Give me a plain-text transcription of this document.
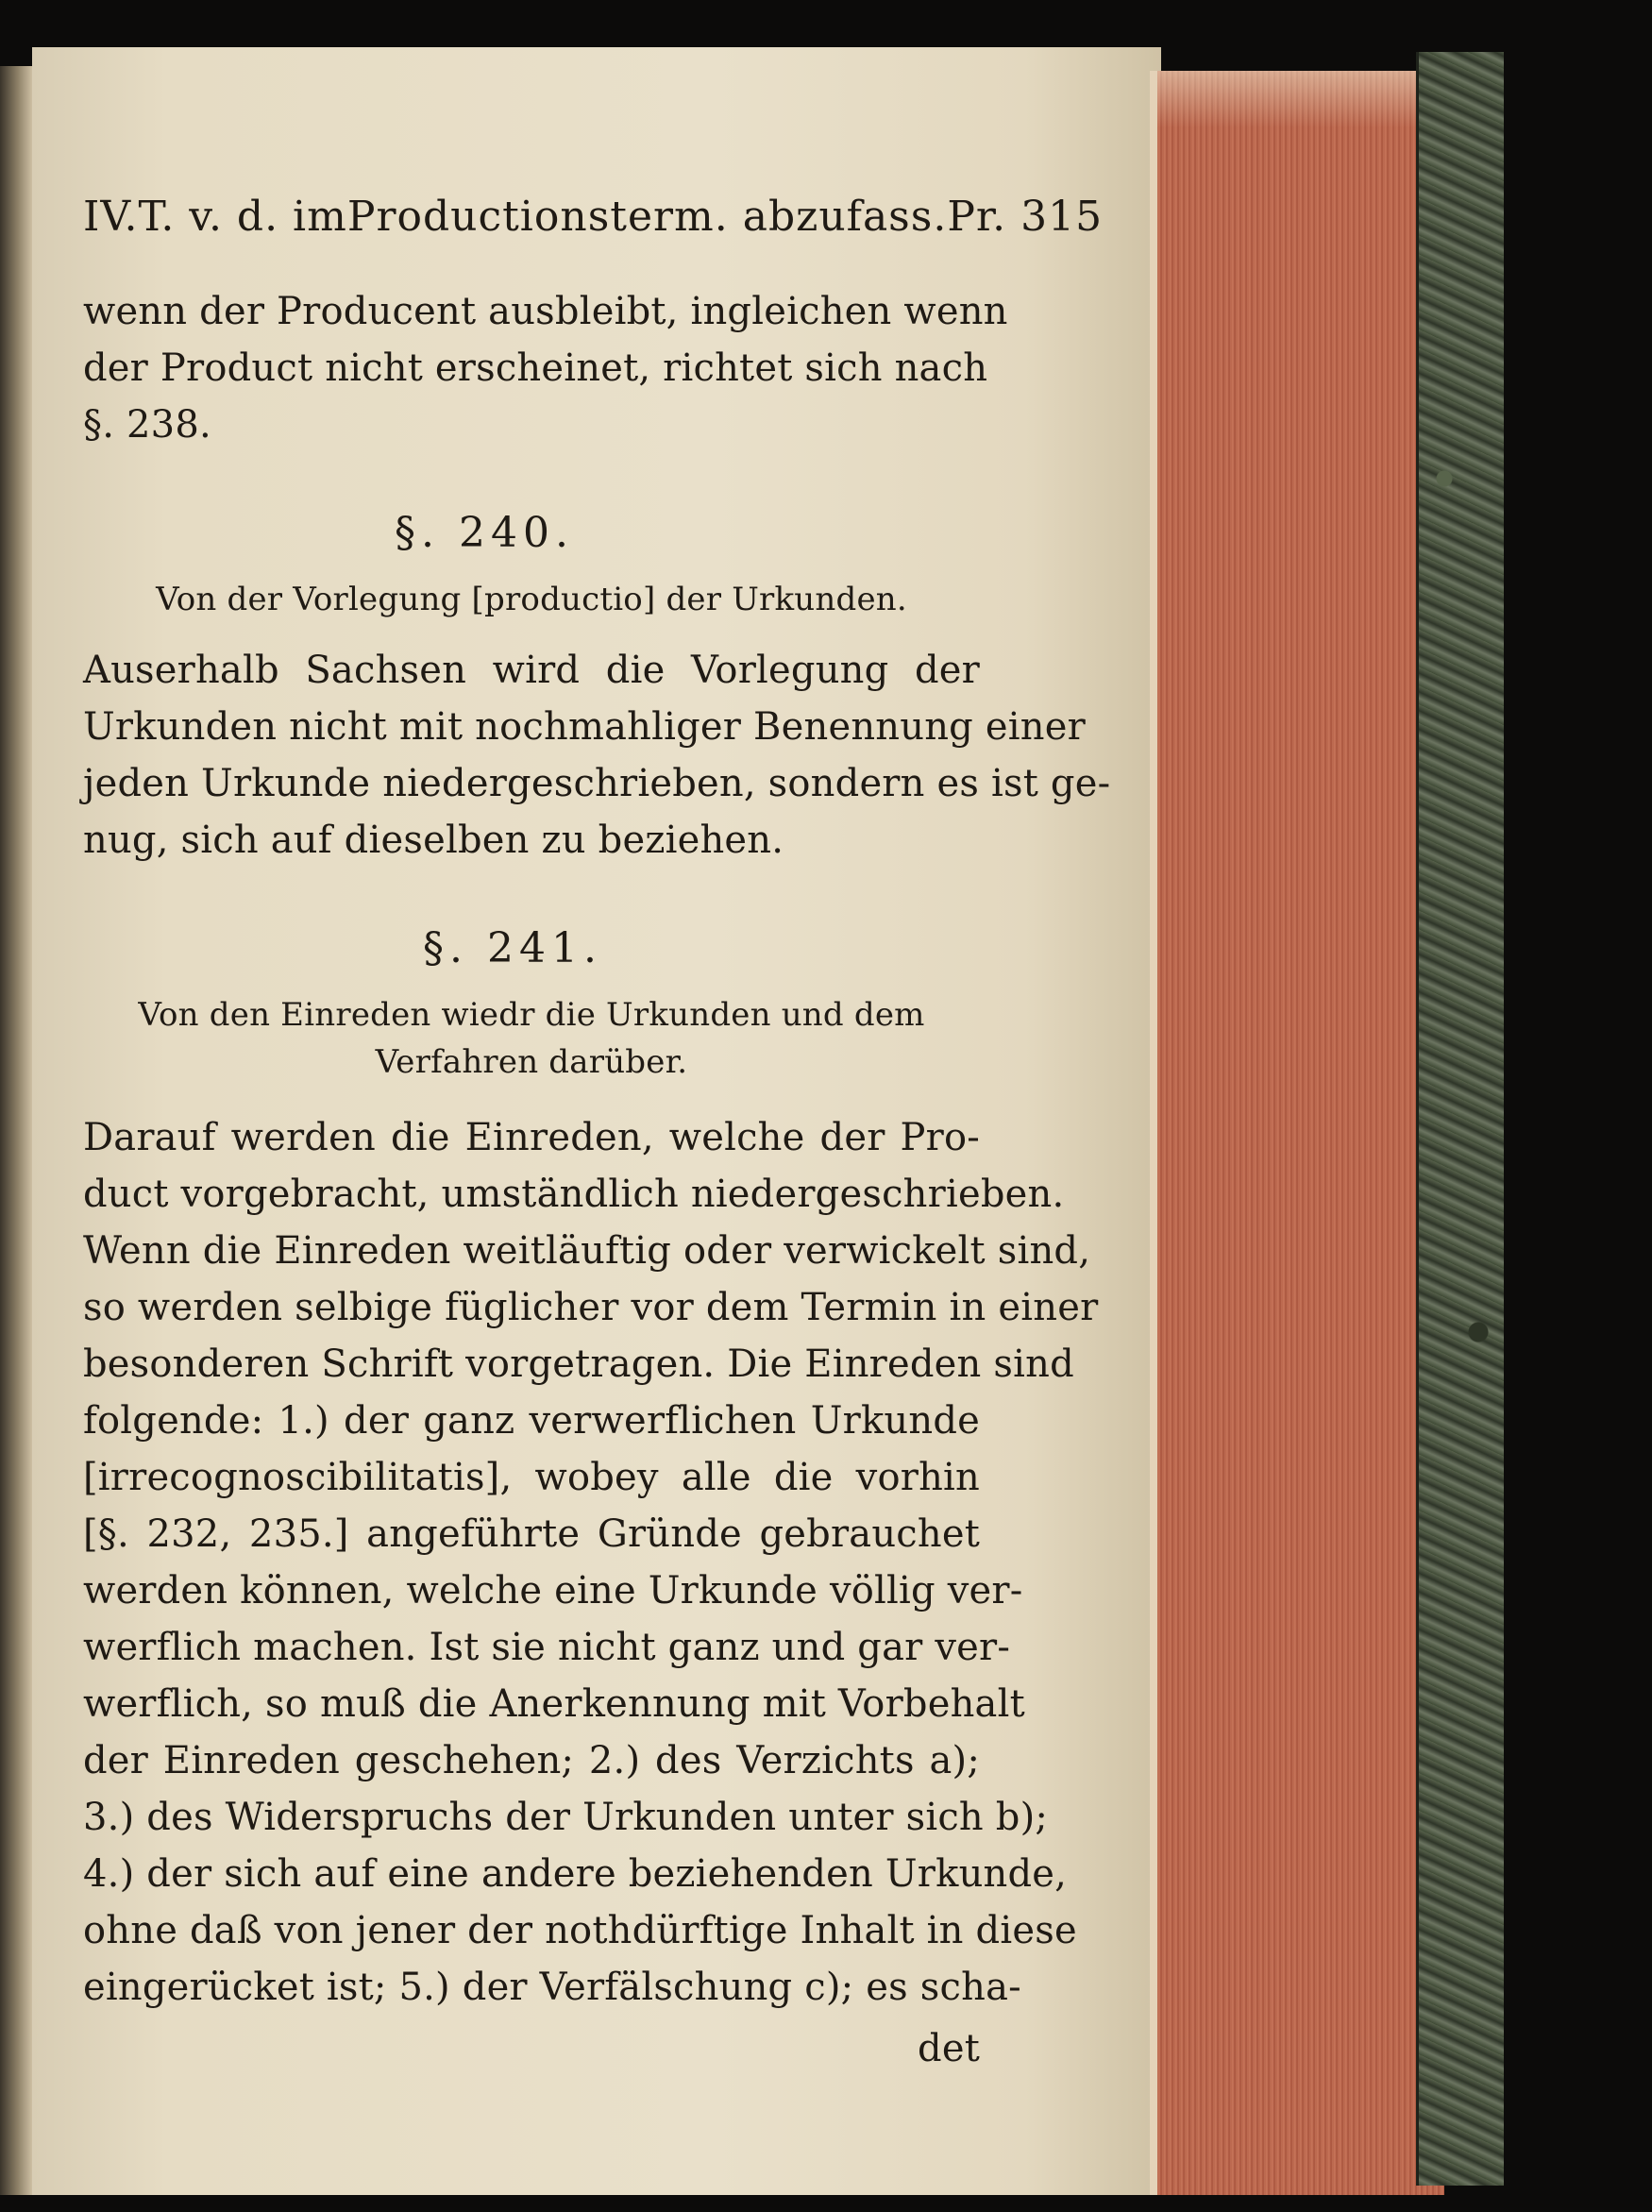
IV.T. v. d. imProductionsterm. abzufass.Pr. 315
wenn der Producent ausbleibt, ingleichen wenn
der Product nicht erscheinet, richtet sich nach
§. 238.
§. 240.
Von der Vorlegung [productio] der Urkunden.
Auserhalb Sachsen wird die Vorlegung der
Urkunden nicht mit nochmahliger Benennung einer
jeden Urkunde niedergeschrieben, sondern es ist ge-
nug, sich auf dieselben zu beziehen.
§. 241.
Von den Einreden wiedr die Urkunden und dem
Verfahren darüber.
Darauf werden die Einreden, welche der Pro-
duct vorgebracht, umständlich niedergeschrieben.
Wenn die Einreden weitläuftig oder verwickelt sind,
so werden selbige füglicher vor dem Termin in einer
besonderen Schrift vorgetragen. Die Einreden sind
folgende: 1.) der ganz verwerflichen Urkunde
[irrecognoscibilitatis], wobey alle die vorhin
[§. 232, 235.] angeführte Gründe gebrauchet
werden können, welche eine Urkunde völlig ver-
werflich machen. Ist sie nicht ganz und gar ver-
werflich, so muß die Anerkennung mit Vorbehalt
der Einreden geschehen; 2.) des Verzichts a);
3.) des Widerspruchs der Urkunden unter sich b);
4.) der sich auf eine andere beziehenden Urkunde,
ohne daß von jener der nothdürftige Inhalt in diese
eingerücket ist; 5.) der Verfälschung c); es scha-
det
